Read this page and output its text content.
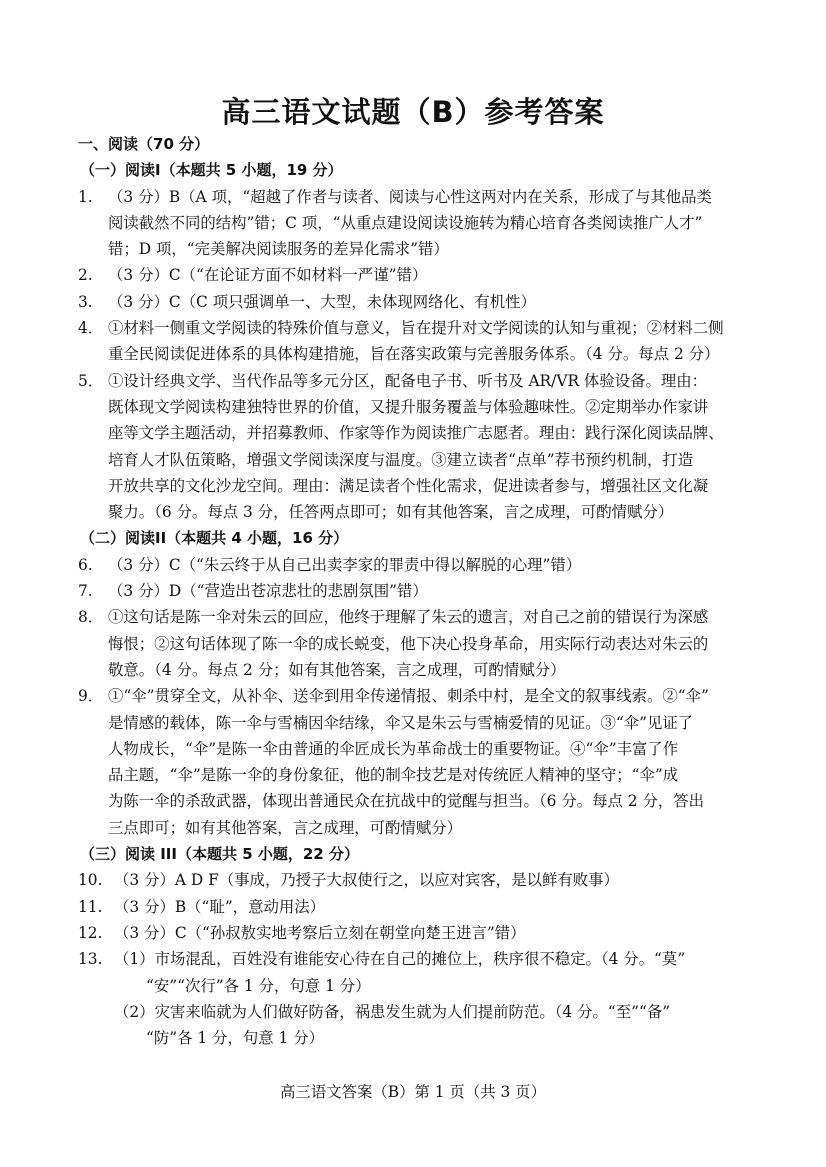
高三语文试题（B）参考答案

一、阅读（70 分）

（一）阅读I（本题共 5 小题，19 分）

1. （3 分）B（A 项，“超越了作者与读者、阅读与心性这两对内在关系，形成了与其他品类

阅读截然不同的结构”错；C 项，“从重点建设阅读设施转为精心培育各类阅读推广人才”

错；D 项，“完美解决阅读服务的差异化需求”错）

2. （3 分）C（“在论证方面不如材料一严谨”错）

3. （3 分）C（C 项只强调单一、大型，未体现网络化、有机性）

4． ①材料一侧重文学阅读的特殊价值与意义，旨在提升对文学阅读的认知与重视；②材料二侧

重全民阅读促进体系的具体构建措施，旨在落实政策与完善服务体系。（4 分。每点 2 分）

5． ①设计经典文学、当代作品等多元分区，配备电子书、听书及 AR/VR 体验设备。理由：

既体现文学阅读构建独特世界的价值，又提升服务覆盖与体验趣味性。②定期举办作家讲

座等文学主题活动，并招募教师、作家等作为阅读推广志愿者。理由：践行深化阅读品牌、

培育人才队伍策略，增强文学阅读深度与温度。③建立读者“点单”荐书预约机制，打造

开放共享的文化沙龙空间。理由：满足读者个性化需求，促进读者参与，增强社区文化凝

聚力。（6 分。每点 3 分，任答两点即可；如有其他答案，言之成理，可酌情赋分）

（二）阅读II（本题共 4 小题，16 分）

6. （3 分）C（“朱云终于从自己出卖李家的罪责中得以解脱的心理”错）

7. （3 分）D（“营造出苍凉悲壮的悲剧氛围”错）

8． ①这句话是陈一伞对朱云的回应，他终于理解了朱云的遗言，对自己之前的错误行为深感

悔恨；②这句话体现了陈一伞的成长蜕变，他下决心投身革命，用实际行动表达对朱云的

敬意。（4 分。每点 2 分；如有其他答案，言之成理，可酌情赋分）

9． ①“伞”贯穿全文，从补伞、送伞到用伞传递情报、刺杀中村，是全文的叙事线索。②“伞”

是情感的载体，陈一伞与雪楠因伞结缘，伞又是朱云与雪楠爱情的见证。③“伞”见证了

人物成长，“伞”是陈一伞由普通的伞匠成长为革命战士的重要物证。④“伞”丰富了作

品主题，“伞”是陈一伞的身份象征，他的制伞技艺是对传统匠人精神的坚守；“伞”成

为陈一伞的杀敌武器，体现出普通民众在抗战中的觉醒与担当。（6 分。每点 2 分，答出

三点即可；如有其他答案，言之成理，可酌情赋分）

（三）阅读 III（本题共 5 小题，22 分）

10. （3 分）A D F（事成，乃授子大叔使行之，以应对宾客，是以鲜有败事）

11. （3 分）B（“耻”，意动用法）

12. （3 分）C（“孙叔敖实地考察后立刻在朝堂向楚王进言”错）

13. （1）市场混乱，百姓没有谁能安心待在自己的摊位上，秩序很不稳定。（4 分。“莫”

“安”“次行”各 1 分，句意 1 分）

（2）灾害来临就为人们做好防备，祸患发生就为人们提前防范。（4 分。“至”“备”

“防”各 1 分，句意 1 分）

高三语文答案（B）第 1 页（共 3 页）
